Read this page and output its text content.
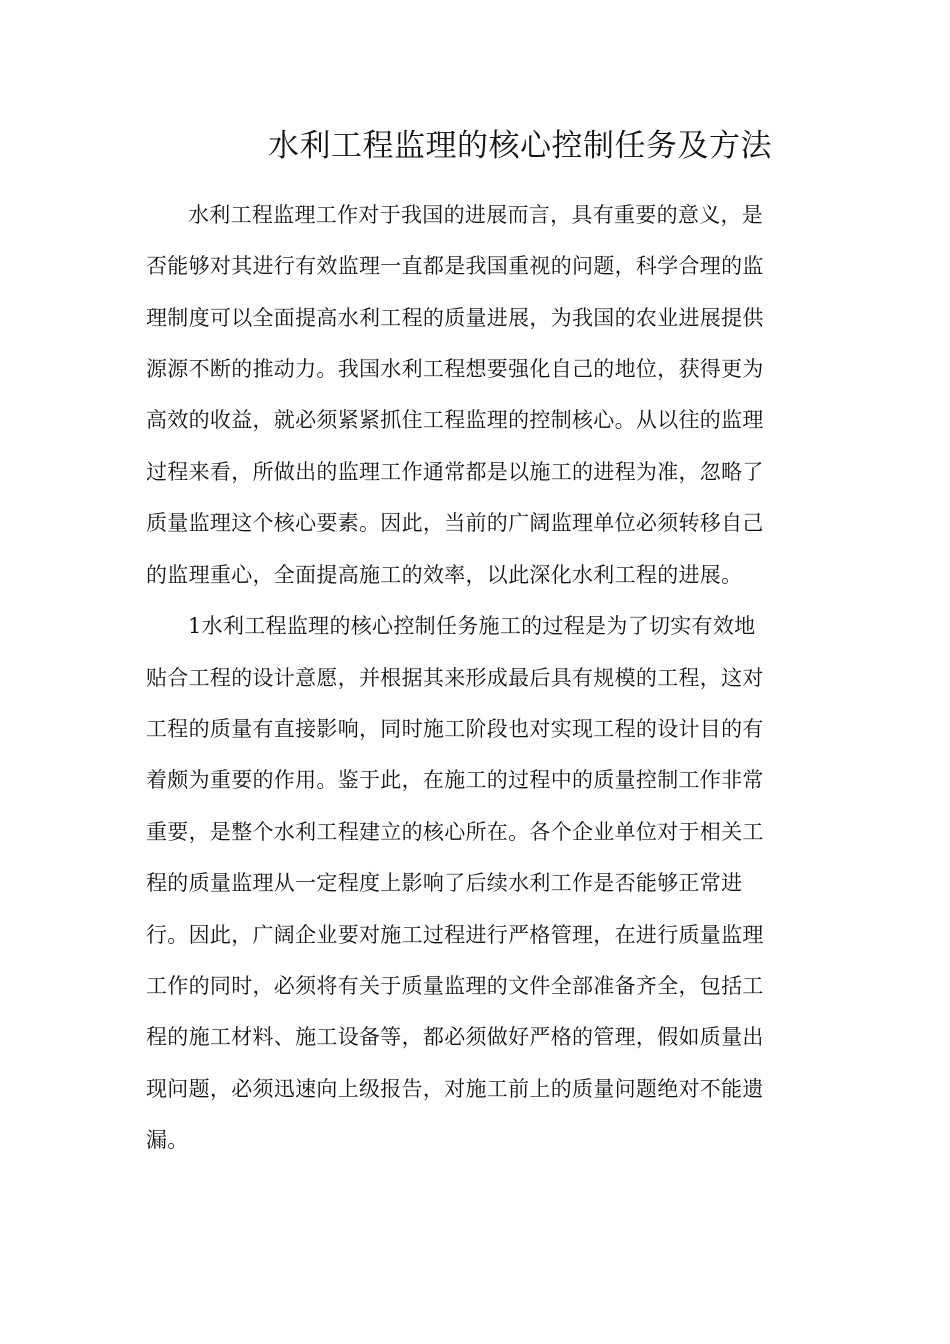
水利工程监理的核心控制任务及方法
水利工程监理工作对于我国的进展而言，具有重要的意义，是
否能够对其进行有效监理一直都是我国重视的问题，科学合理的监
理制度可以全面提高水利工程的质量进展，为我国的农业进展提供
源源不断的推动力。我国水利工程想要强化自己的地位，获得更为
高效的收益，就必须紧紧抓住工程监理的控制核心。从以往的监理
过程来看，所做出的监理工作通常都是以施工的进程为准，忽略了
质量监理这个核心要素。因此，当前的广阔监理单位必须转移自己
的监理重心，全面提高施工的效率，以此深化水利工程的进展。
1水利工程监理的核心控制任务施工的过程是为了切实有效地
贴合工程的设计意愿，并根据其来形成最后具有规模的工程，这对
工程的质量有直接影响，同时施工阶段也对实现工程的设计目的有
着颇为重要的作用。鉴于此，在施工的过程中的质量控制工作非常
重要，是整个水利工程建立的核心所在。各个企业单位对于相关工
程的质量监理从一定程度上影响了后续水利工作是否能够正常进
行。因此，广阔企业要对施工过程进行严格管理，在进行质量监理
工作的同时，必须将有关于质量监理的文件全部准备齐全，包括工
程的施工材料、施工设备等，都必须做好严格的管理，假如质量出
现问题，必须迅速向上级报告，对施工前上的质量问题绝对不能遗
漏。
